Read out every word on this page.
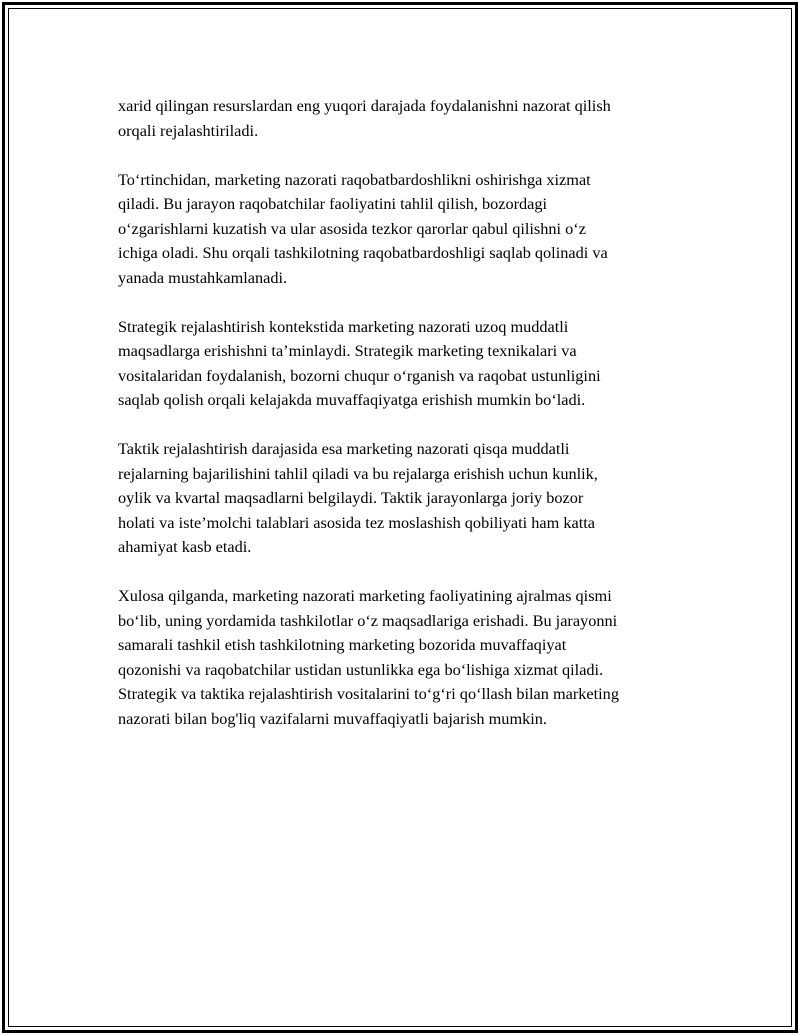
xarid qilingan resurslardan eng yuqori darajada foydalanishni nazorat qilish
orqali rejalashtiriladi.

To‘rtinchidan, marketing nazorati raqobatbardoshlikni oshirishga xizmat
qiladi. Bu jarayon raqobatchilar faoliyatini tahlil qilish, bozordagi
o‘zgarishlarni kuzatish va ular asosida tezkor qarorlar qabul qilishni o‘z
ichiga oladi. Shu orqali tashkilotning raqobatbardoshligi saqlab qolinadi va
yanada mustahkamlanadi.

Strategik rejalashtirish kontekstida marketing nazorati uzoq muddatli
maqsadlarga erishishni ta’minlaydi. Strategik marketing texnikalari va
vositalaridan foydalanish, bozorni chuqur o‘rganish va raqobat ustunligini
saqlab qolish orqali kelajakda muvaffaqiyatga erishish mumkin bo‘ladi.

Taktik rejalashtirish darajasida esa marketing nazorati qisqa muddatli
rejalarning bajarilishini tahlil qiladi va bu rejalarga erishish uchun kunlik,
oylik va kvartal maqsadlarni belgilaydi. Taktik jarayonlarga joriy bozor
holati va iste’molchi talablari asosida tez moslashish qobiliyati ham katta
ahamiyat kasb etadi.

Xulosa qilganda, marketing nazorati marketing faoliyatining ajralmas qismi
bo‘lib, uning yordamida tashkilotlar o‘z maqsadlariga erishadi. Bu jarayonni
samarali tashkil etish tashkilotning marketing bozorida muvaffaqiyat
qozonishi va raqobatchilar ustidan ustunlikka ega bo‘lishiga xizmat qiladi.
Strategik va taktika rejalashtirish vositalarini to‘g‘ri qo‘llash bilan marketing
nazorati bilan bog'liq vazifalarni muvaffaqiyatli bajarish mumkin.
